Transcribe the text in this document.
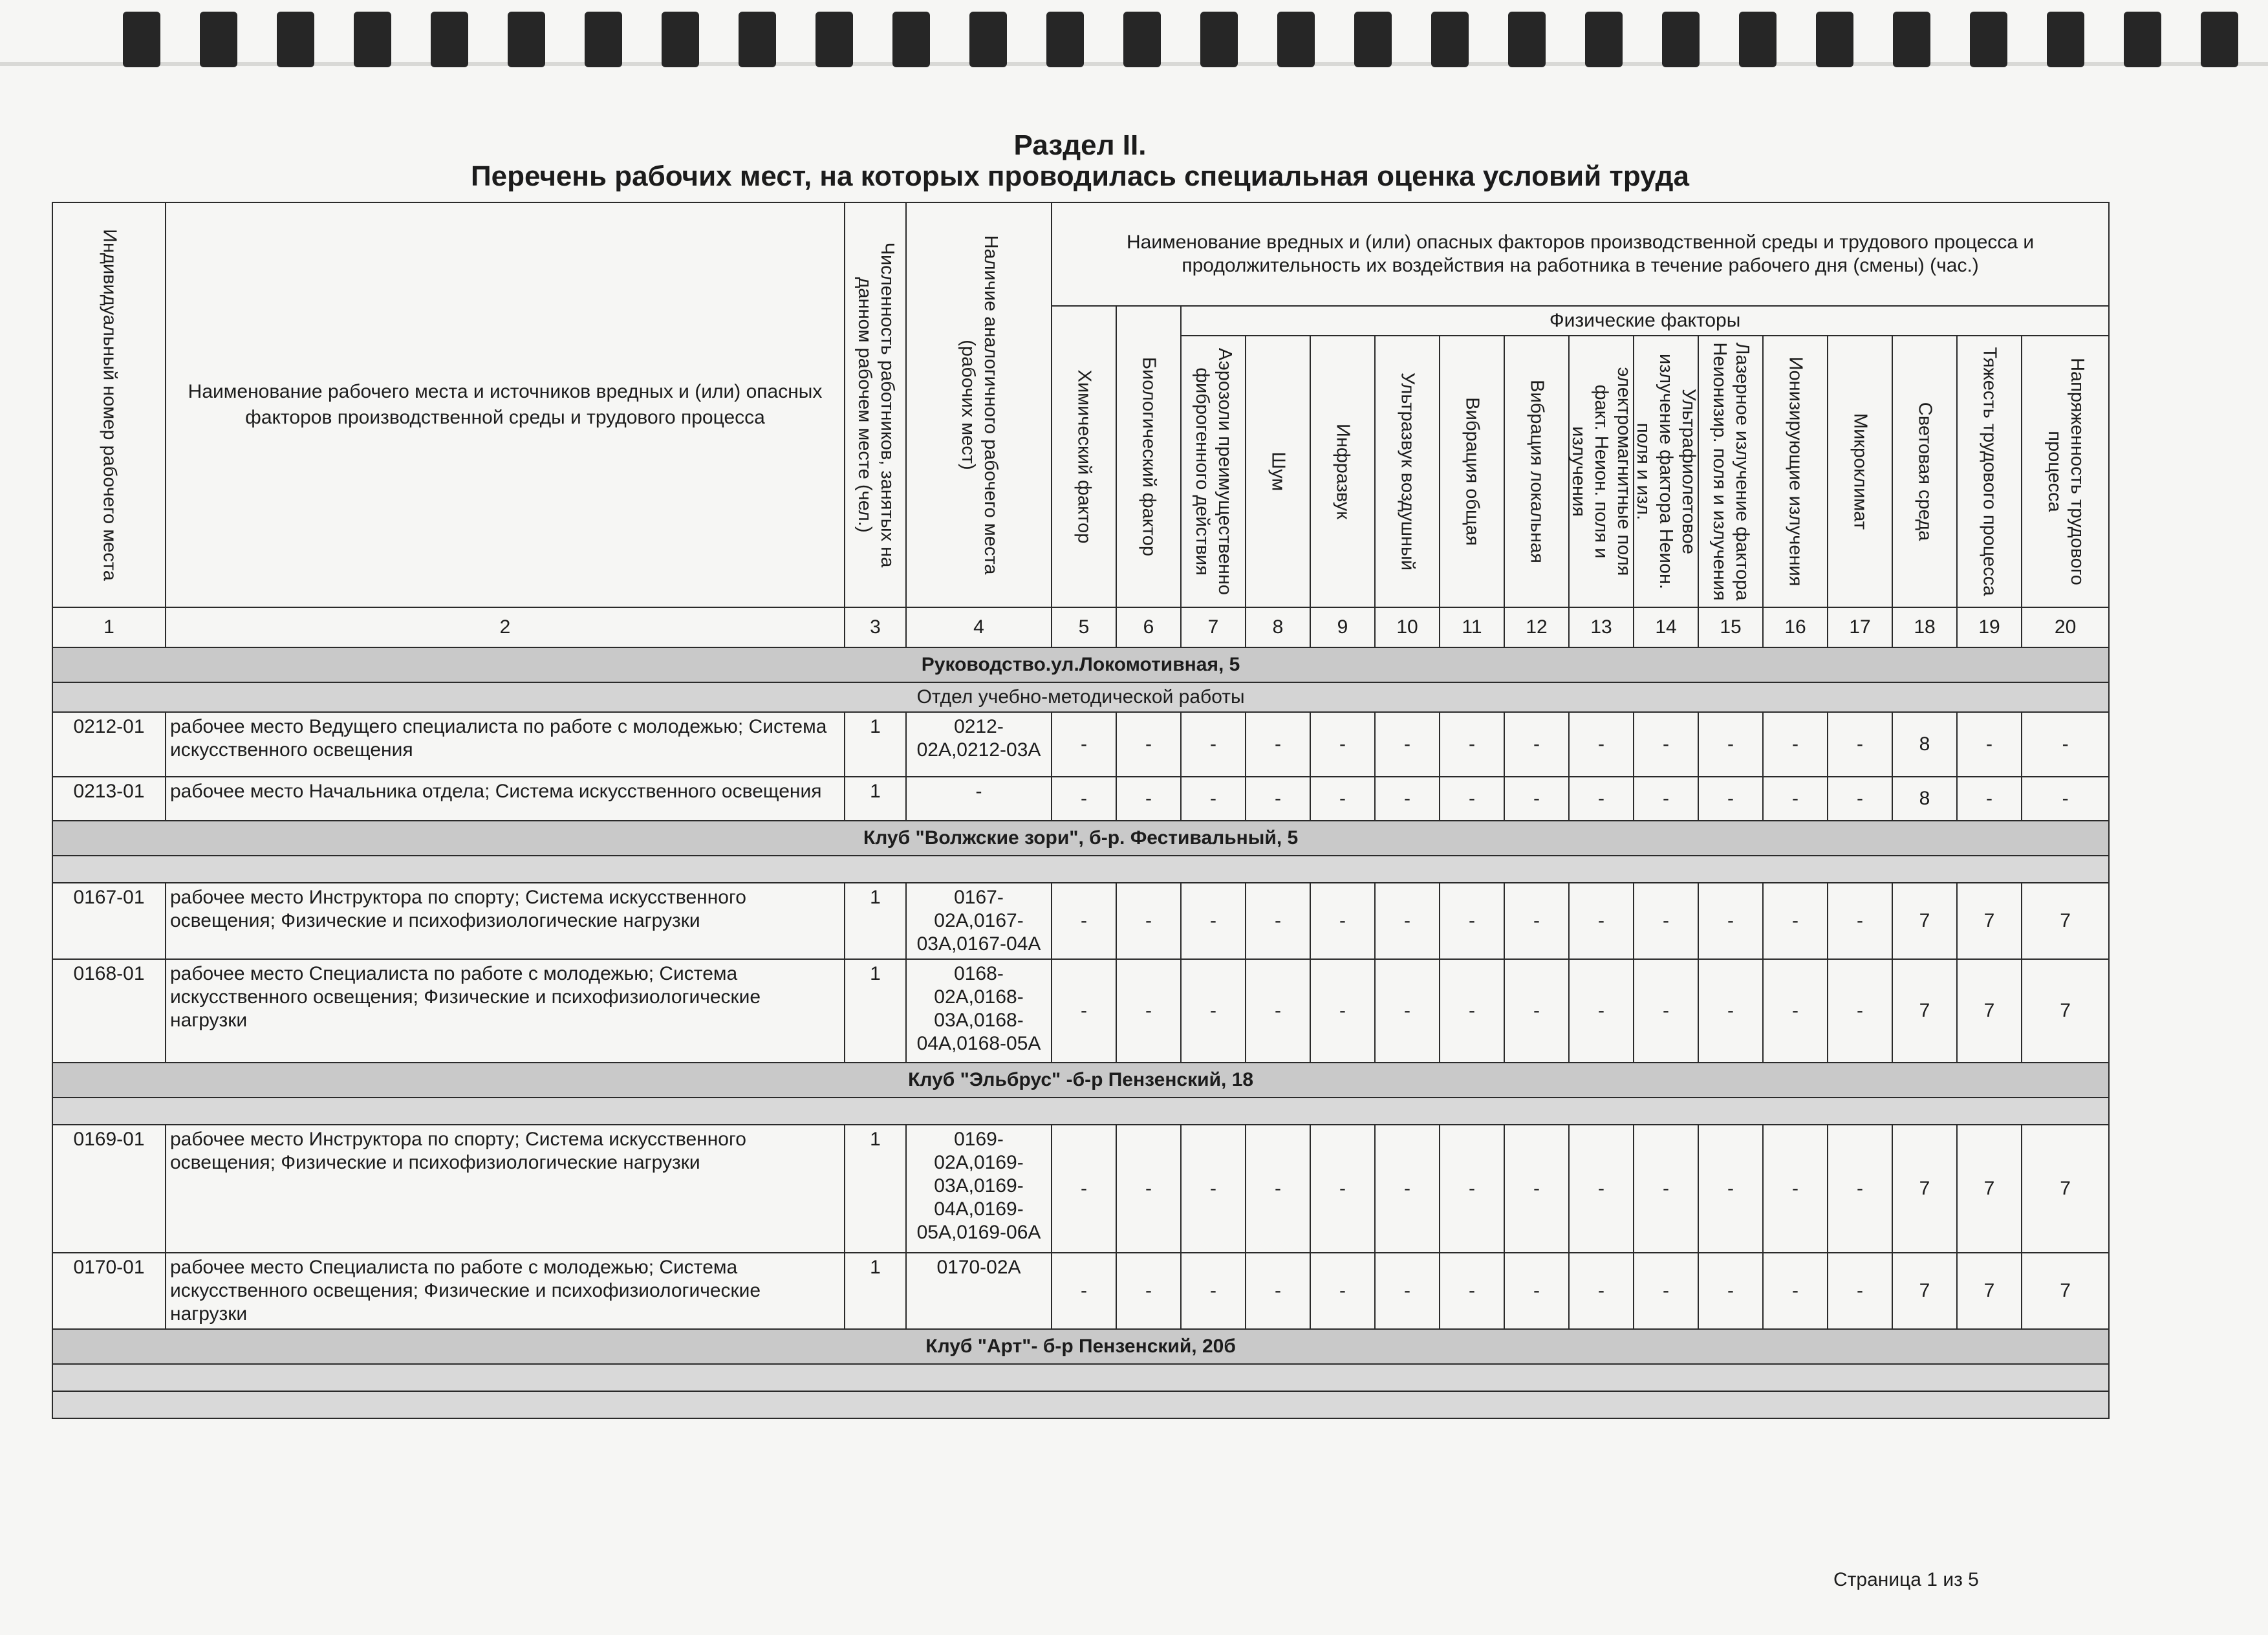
Раздел II.
Перечень рабочих мест, на которых проводилась специальная оценка условий труда
Индивидуальный номер рабочего места	Наименование рабочего места и источников вредных и (или) опасных факторов производственной среды и трудового процесса	Численность работников, занятых на данном рабочем месте (чел.)	Наличие аналогичного рабочего места (рабочих мест)	Наименование вредных и (или) опасных факторов производственной среды и трудового процесса и продолжительность их воздействия на работника в течение рабочего дня (смены) (час.)															

				Химический фактор	Биологический фактор	Физические факторы													

						Аэрозоли преимущественно фиброгенного действия	Шум	Инфразвук	Ультразвук воздушный	Вибрация общая	Вибрация локальная	электромагнитные поля факт. Неион. поля и излучения	Ультрафиолетовое излучение фактора Неион. поля и изл.	Лазерное излучение фактора Неионизир. поля и излучения	Ионизирующие излучения	Микроклимат	Световая среда	Тяжесть трудового процесса	Напряженность трудового процесса

1	2	3	4	5	6	7	8	9	10	11	12	13	14	15	16	17	18	19	20
Руководство.ул.Локомотивная, 5																			
Отдел учебно-методической работы																			
0212-01	рабочее место Ведущего специалиста по работе с молодежью; Система искусственного освещения	1	0212-02А,0212-03А	-	-	-	-	-	-	-	-	-	-	-	-	-	8	-	-
0213-01	рабочее место Начальника отдела; Система искусственного освещения	1	-	-	-	-	-	-	-	-	-	-	-	-	-	-	8	-	-
Клуб "Волжские зори", б-р. Фестивальный, 5																			

0167-01	рабочее место Инструктора по спорту; Система искусственного освещения; Физические и психофизиологические нагрузки	1	0167-02А,0167-03А,0167-04А	-	-	-	-	-	-	-	-	-	-	-	-	-	7	7	7
0168-01	рабочее место Специалиста по работе с молодежью; Система искусственного освещения; Физические и психофизиологические нагрузки	1	0168-02А,0168-03А,0168-04А,0168-05А	-	-	-	-	-	-	-	-	-	-	-	-	-	7	7	7
Клуб "Эльбрус" -б-р Пензенский, 18																			

0169-01	рабочее место Инструктора по спорту; Система искусственного освещения; Физические и психофизиологические нагрузки	1	0169-02А,0169-03А,0169-04А,0169-05А,0169-06А	-	-	-	-	-	-	-	-	-	-	-	-	-	7	7	7
0170-01	рабочее место Специалиста по работе с молодежью; Система искусственного освещения; Физические и психофизиологические нагрузки	1	0170-02А	-	-	-	-	-	-	-	-	-	-	-	-	-	7	7	7
Клуб "Арт"- б-р Пензенский, 20б																			

Страница 1 из 5
